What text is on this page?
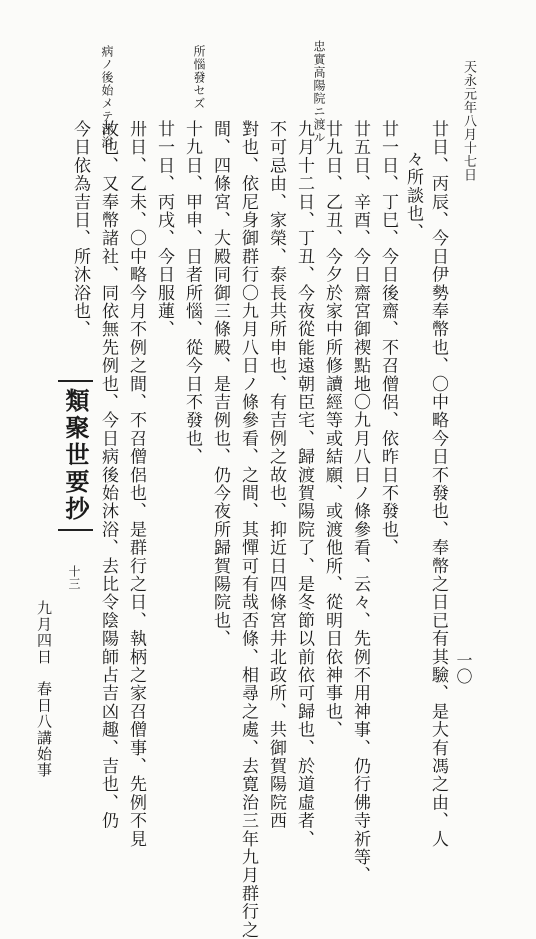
一〇
天永元年八月十七日
廿日、丙辰、今日伊勢奉幣也、〇中略今日不發也、奉幣之日已有其驗、是大有馮之由、人
々所談也、
廿一日、丁巳、今日後齋、不召僧侶、依昨日不發也、
廿五日、辛酉、今日齋宮御禊點地〇九月八日ノ條參看、云々、先例不用神事、仍行佛寺祈等、
廿九日、乙丑、今夕於家中所修讀經等或結願、或渡他所、從明日依神事也、
九月十二日、丁丑、今夜從能遠朝臣宅、歸渡賀陽院了、是冬節以前依可歸也、於道虛者、
不可忌由、家榮、泰長共所申也、有吉例之故也、抑近日四條宮井北政所、共御賀陽院西
對也、依尼身御群行〇九月八日ノ條參看、之間、其憚可有哉否條、相尋之處、去寛治三年九月群行之
間、四條宮、大殿同御三條殿、是吉例也、仍今夜所歸賀陽院也、
十九日、甲申、日者所惱、從今日不發也、
廿一日、丙戌、今日服蓮、
卅日、乙未、〇中略今月不例之間、不召僧侶也、是群行之日、執柄之家召僧事、先例不見
故也、又奉幣諸社、同依無先例也、今日病後始沐浴、去比令陰陽師占吉凶趣、吉也、仍
今日依為吉日、所沐浴也、
忠實高陽院ニ渡ル
所惱發セズ
病ノ後始メテ沐浴
類聚世要抄
十三
九月四日　春日八講始事
